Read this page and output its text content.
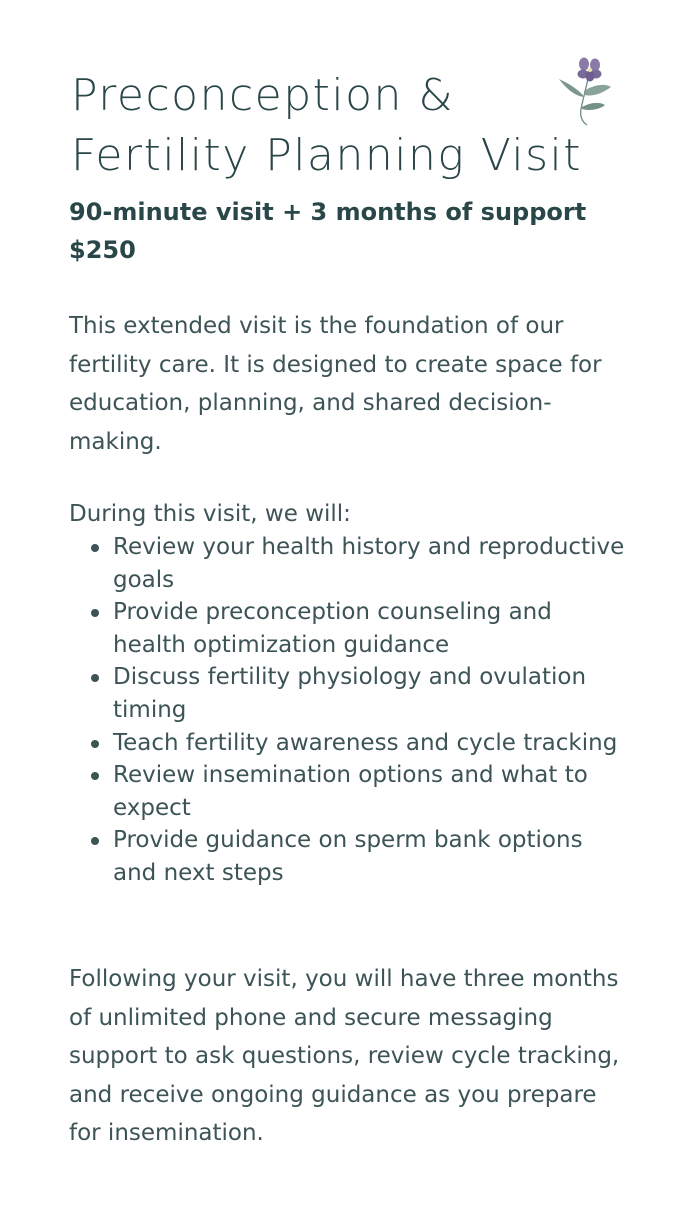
Preconception &
Fertility Planning Visit
90-minute visit + 3 months of support
$250

This extended visit is the foundation of our fertility care. It is designed to create space for education, planning, and shared decision-making.

During this visit, we will:

Review your health history and reproductive goals
Provide preconception counseling and health optimization guidance
Discuss fertility physiology and ovulation timing
Teach fertility awareness and cycle tracking
Review insemination options and what to expect
Provide guidance on sperm bank options and next steps

Following your visit, you will have three months of unlimited phone and secure messaging support to ask questions, review cycle tracking, and receive ongoing guidance as you prepare for insemination.
